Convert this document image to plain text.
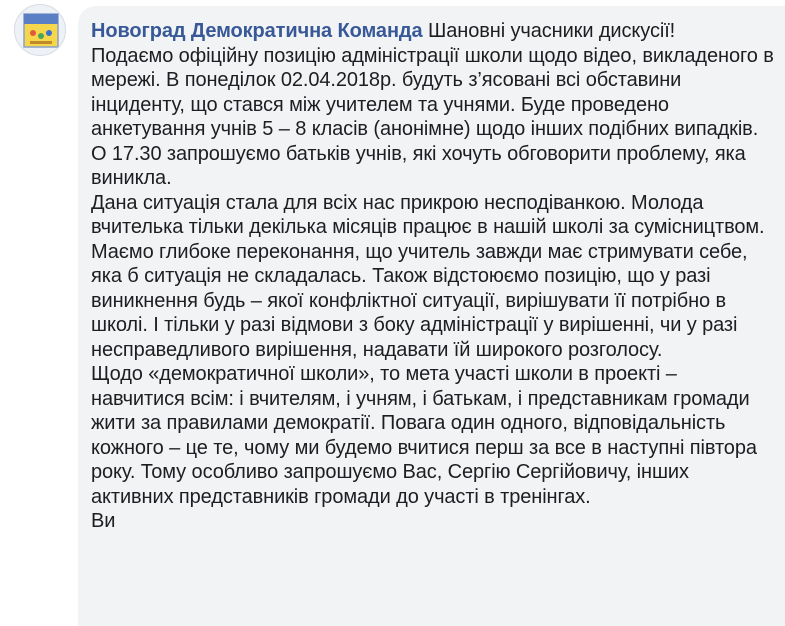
Новоград Демократична Команда Шановні учасники дискусії!
Подаємо офіційну позицію адміністрації школи щодо відео, викладеного в мережі. В понеділок 02.04.2018р. будуть з’ясовані всі обставини інциденту, що стався між учителем та учнями. Буде проведено анкетування учнів 5 – 8 класів (анонімне) щодо інших подібних випадків. О 17.30 запрошуємо батьків учнів, які хочуть обговорити проблему, яка виникла.
Дана ситуація стала для всіх нас прикрою несподіванкою. Молода вчителька тільки декілька місяців працює в нашій школі за сумісництвом.
Маємо глибоке переконання, що учитель завжди має стримувати себе, яка б ситуація не складалась. Також відстоюємо позицію, що у разі виникнення будь – якої конфліктної ситуації, вирішувати її потрібно в школі. І тільки у разі відмови з боку адміністрації у вирішенні, чи у разі несправедливого вирішення, надавати їй широкого розголосу.
Щодо «демократичної школи», то мета участі школи в проекті – навчитися всім: і вчителям, і учням, і батькам, і представникам громади жити за правилами демократії. Повага один одного, відповідальність кожного – це те, чому ми будемо вчитися перш за все в наступні півтора року. Тому особливо запрошуємо Вас, Сергію Сергійовичу, інших активних представників громади до участі в тренінгах.
Ви
